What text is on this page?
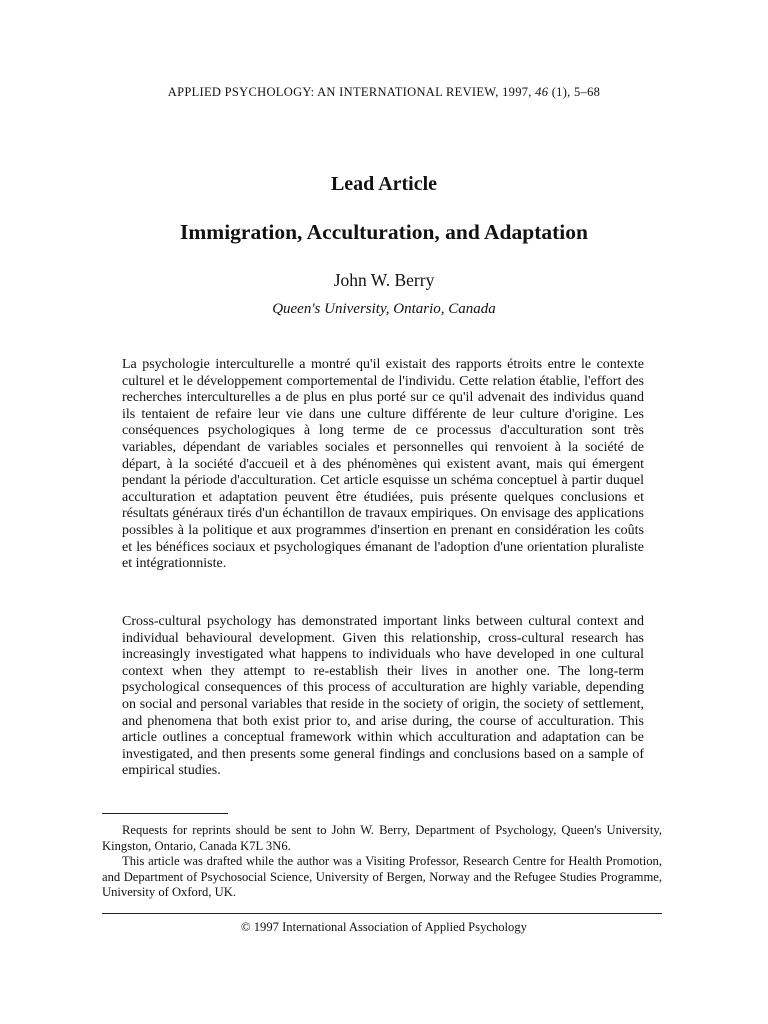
APPLIED PSYCHOLOGY: AN INTERNATIONAL REVIEW, 1997, 46 (1), 5–68
Lead Article
Immigration, Acculturation, and Adaptation
John W. Berry
Queen's University, Ontario, Canada
La psychologie interculturelle a montré qu'il existait des rapports étroits entre le contexte culturel et le développement comportemental de l'individu. Cette relation établie, l'effort des recherches interculturelles a de plus en plus porté sur ce qu'il advenait des individus quand ils tentaient de refaire leur vie dans une culture différente de leur culture d'origine. Les conséquences psychologiques à long terme de ce processus d'acculturation sont très variables, dépendant de variables sociales et personnelles qui renvoient à la société de départ, à la société d'accueil et à des phénomènes qui existent avant, mais qui émergent pendant la période d'acculturation. Cet article esquisse un schéma conceptuel à partir duquel acculturation et adaptation peuvent être étudiées, puis présente quelques conclusions et résultats généraux tirés d'un échantillon de travaux empiriques. On envisage des applications possibles à la politique et aux programmes d'insertion en prenant en considération les coûts et les bénéfices sociaux et psychologiques émanant de l'adoption d'une orientation pluraliste et intégrationniste.
Cross-cultural psychology has demonstrated important links between cultural context and individual behavioural development. Given this relationship, cross-cultural research has increasingly investigated what happens to individuals who have developed in one cultural context when they attempt to re-establish their lives in another one. The long-term psychological consequences of this process of acculturation are highly variable, depending on social and personal variables that reside in the society of origin, the society of settlement, and phenomena that both exist prior to, and arise during, the course of acculturation. This article outlines a conceptual framework within which acculturation and adaptation can be investigated, and then presents some general findings and conclusions based on a sample of empirical studies.

Requests for reprints should be sent to John W. Berry, Department of Psychology, Queen's University, Kingston, Ontario, Canada K7L 3N6.

This article was drafted while the author was a Visiting Professor, Research Centre for Health Promotion, and Department of Psychosocial Science, University of Bergen, Norway and the Refugee Studies Programme, University of Oxford, UK.

© 1997 International Association of Applied Psychology
